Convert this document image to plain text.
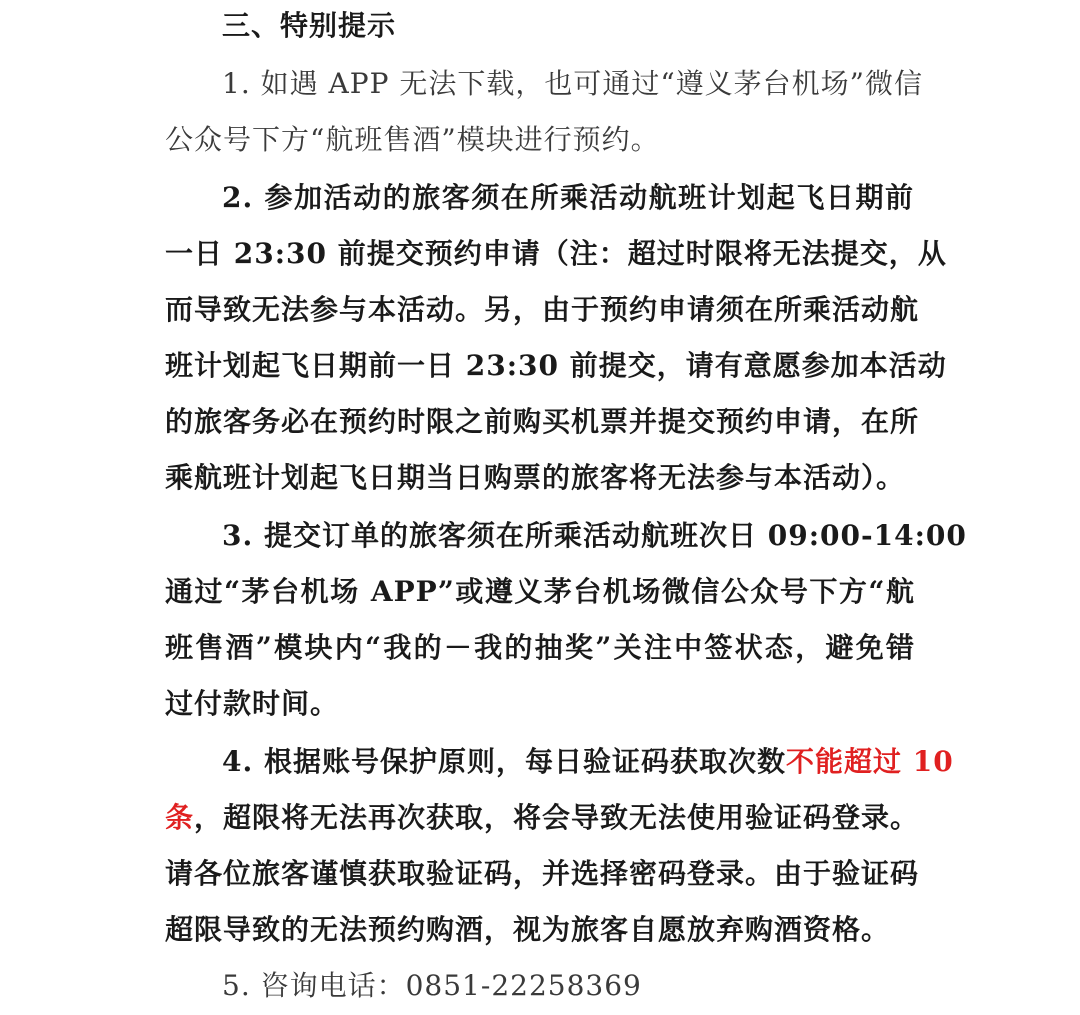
三、特别提示
1. 如遇 APP 无法下载，也可通过“遵义茅台机场”微信
公众号下方“航班售酒”模块进行预约。
2. 参加活动的旅客须在所乘活动航班计划起飞日期前
一日 23:30 前提交预约申请（注：超过时限将无法提交，从
而导致无法参与本活动。另，由于预约申请须在所乘活动航
班计划起飞日期前一日 23:30 前提交，请有意愿参加本活动
的旅客务必在预约时限之前购买机票并提交预约申请，在所
乘航班计划起飞日期当日购票的旅客将无法参与本活动）。
3. 提交订单的旅客须在所乘活动航班次日 09:00-14:00
通过“茅台机场 APP”或遵义茅台机场微信公众号下方“航
班售酒”模块内“我的－我的抽奖”关注中签状态，避免错
过付款时间。
4. 根据账号保护原则，每日验证码获取次数不能超过 10
条，超限将无法再次获取，将会导致无法使用验证码登录。
请各位旅客谨慎获取验证码，并选择密码登录。由于验证码
超限导致的无法预约购酒，视为旅客自愿放弃购酒资格。
5. 咨询电话：0851-22258369
